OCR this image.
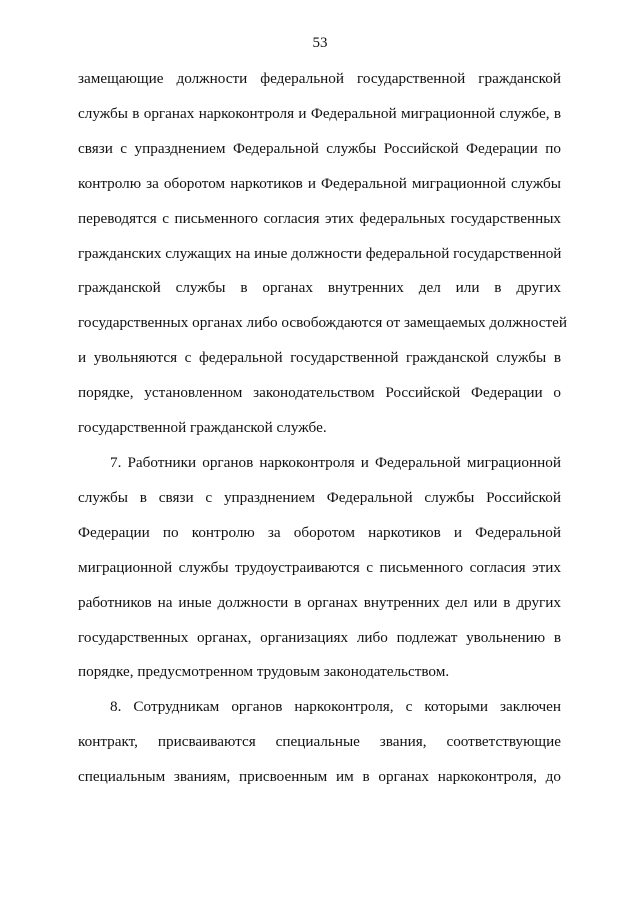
53
замещающие должности федеральной государственной гражданской
службы в органах наркоконтроля и Федеральной миграционной службе, в
связи с упразднением Федеральной службы Российской Федерации по
контролю за оборотом наркотиков и Федеральной миграционной службы
переводятся с письменного согласия этих федеральных государственных
гражданских служащих на иные должности федеральной государственной
гражданской службы в органах внутренних дел или в других
государственных органах либо освобождаются от замещаемых должностей
и увольняются с федеральной государственной гражданской службы в
порядке, установленном законодательством Российской Федерации о
государственной гражданской службе.
7. Работники органов наркоконтроля и Федеральной миграционной
службы в связи с упразднением Федеральной службы Российской
Федерации по контролю за оборотом наркотиков и Федеральной
миграционной службы трудоустраиваются с письменного согласия этих
работников на иные должности в органах внутренних дел или в других
государственных органах, организациях либо подлежат увольнению в
порядке, предусмотренном трудовым законодательством.
8. Сотрудникам органов наркоконтроля, с которыми заключен
контракт, присваиваются специальные звания, соответствующие
специальным званиям, присвоенным им в органах наркоконтроля, до
